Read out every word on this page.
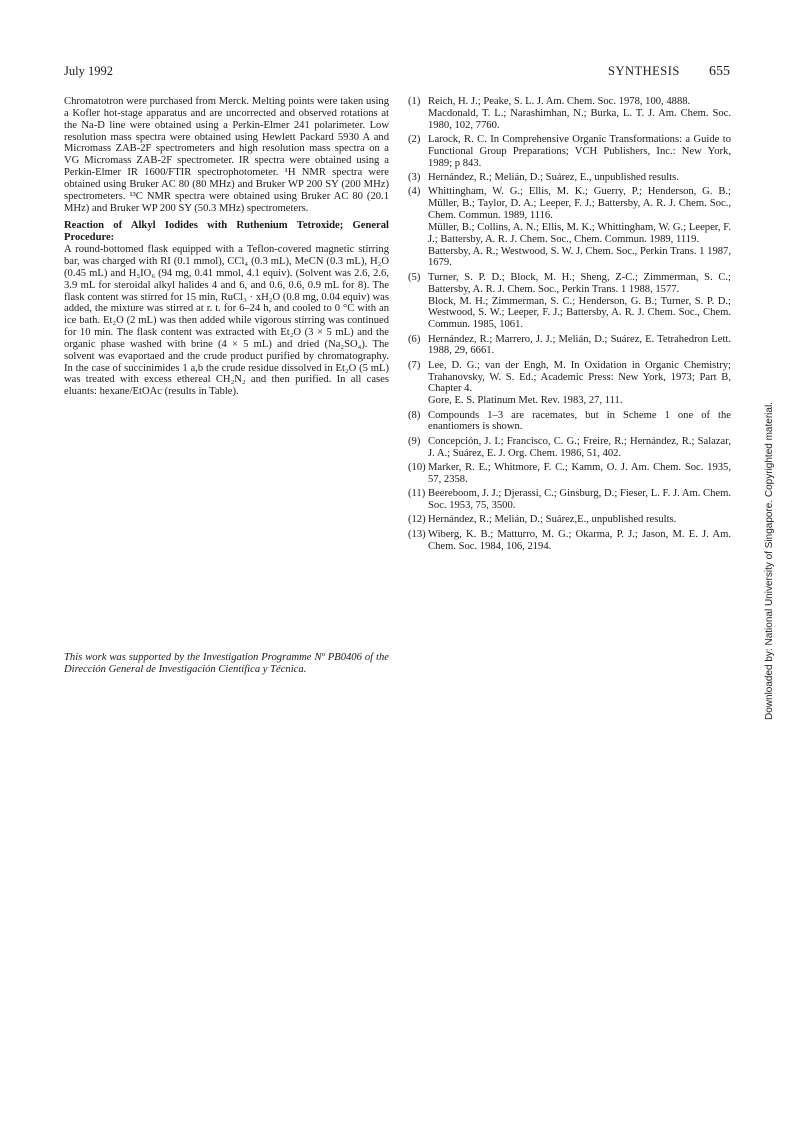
July 1992	SYNTHESIS 655

Chromatotron were purchased from Merck. Melting points were taken using a Kofler hot-stage apparatus and are uncorrected and observed rotations at the Na-D line were obtained using a Perkin-Elmer 241 polarimeter. Low resolution mass spectra were obtained using Hewlett Packard 5930 A and Micromass ZAB-2F spectrometers and high resolution mass spectra on a VG Micromass ZAB-2F spectrometer. IR spectra were obtained using a Perkin-Elmer IR 1600/FTIR spectrophotometer. ¹H NMR spectra were obtained using Bruker AC 80 (80 MHz) and Bruker WP 200 SY (200 MHz) spectrometers. ¹³C NMR spectra were obtained using Bruker AC 80 (20.1 MHz) and Bruker WP 200 SY (50.3 MHz) spectrometers.

Reaction of Alkyl Iodides with Ruthenium Tetroxide; General Procedure:

A round-bottomed flask equipped with a Teflon-covered magnetic stirring bar, was charged with RI (0.1 mmol), CCl₄ (0.3 mL), MeCN (0.3 mL), H₂O (0.45 mL) and H₅IO₆ (94 mg, 0.41 mmol, 4.1 equiv). (Solvent was 2.6, 2.6, 3.9 mL for steroidal alkyl halides 4 and 6, and 0.6, 0.6, 0.9 mL for 8). The flask content was stirred for 15 min, RuCl₃ · xH₂O (0.8 mg, 0.04 equiv) was added, the mixture was stirred at r. t. for 6–24 h, and cooled to 0 °C with an ice bath. Et₂O (2 mL) was then added while vigorous stirring was continued for 10 min. The flask content was extracted with Et₂O (3 × 5 mL) and the organic phase washed with brine (4 × 5 mL) and dried (Na₂SO₄). The solvent was evaportaed and the crude product purified by chromatography. In the case of succinimides 1 a,b the crude residue dissolved in Et₂O (5 mL) was treated with excess ethereal CH₂N₂ and then purified. In all cases eluants: hexane/EtOAc (results in Table).

This work was supported by the Investigation Programme Nº PB0406 of the Dirección General de Investigación Científica y Técnica.

(1) Reich, H. J.; Peake, S. L. J. Am. Chem. Soc. 1978, 100, 4888.
Macdonald, T. L.; Narashimhan, N.; Burka, L. T. J. Am. Chem. Soc. 1980, 102, 7760.
(2) Larock, R. C. In Comprehensive Organic Transformations: a Guide to Functional Group Preparations; VCH Publishers, Inc.: New York, 1989; p 843.
(3) Hernández, R.; Melián, D.; Suárez, E., unpublished results.
(4) Whittingham, W. G.; Ellis, M. K.; Guerry, P.; Henderson, G. B.; Müller, B.; Taylor, D. A.; Leeper, F. J.; Battersby, A. R. J. Chem. Soc., Chem. Commun. 1989, 1116.
Müller, B.; Collins, A. N.; Ellis, M. K.; Whittingham, W. G.; Leeper, F. J.; Battersby, A. R. J. Chem. Soc., Chem. Commun. 1989, 1119.
Battersby, A. R.; Westwood, S. W. J. Chem. Soc., Perkin Trans. 1 1987, 1679.
(5) Turner, S. P. D.; Block, M. H.; Sheng, Z-C.; Zimmerman, S. C.; Battersby, A. R. J. Chem. Soc., Perkin Trans. 1 1988, 1577.
Block, M. H.; Zimmerman, S. C.; Henderson, G. B.; Turner, S. P. D.; Westwood, S. W.; Leeper, F. J.; Battersby, A. R. J. Chem. Soc., Chem. Commun. 1985, 1061.
(6) Hernández, R.; Marrero, J. J.; Melián, D.; Suárez, E. Tetrahedron Lett. 1988, 29, 6661.
(7) Lee, D. G.; van der Engh, M. In Oxidation in Organic Chemistry; Trahanovsky, W. S. Ed.; Academic Press: New York, 1973; Part B, Chapter 4.
Gore, E. S. Platinum Met. Rev. 1983, 27, 111.
(8) Compounds 1–3 are racemates, but in Scheme 1 one of the enantiomers is shown.
(9) Concepción, J. I.; Francisco, C. G.; Freire, R.; Hernández, R.; Salazar, J. A.; Suárez, E. J. Org. Chem. 1986, 51, 402.
(10) Marker, R. E.; Whitmore, F. C.; Kamm, O. J. Am. Chem. Soc. 1935, 57, 2358.
(11) Beereboom, J. J.; Djerassi, C.; Ginsburg, D.; Fieser, L. F. J. Am. Chem. Soc. 1953, 75, 3500.
(12) Hernández, R.; Melián, D.; Suárez,E., unpublished results.
(13) Wiberg, K. B.; Matturro, M. G.; Okarma, P. J.; Jason, M. E. J. Am. Chem. Soc. 1984, 106, 2194.	Downloaded by: National University of Singapore. Copyrighted material.
